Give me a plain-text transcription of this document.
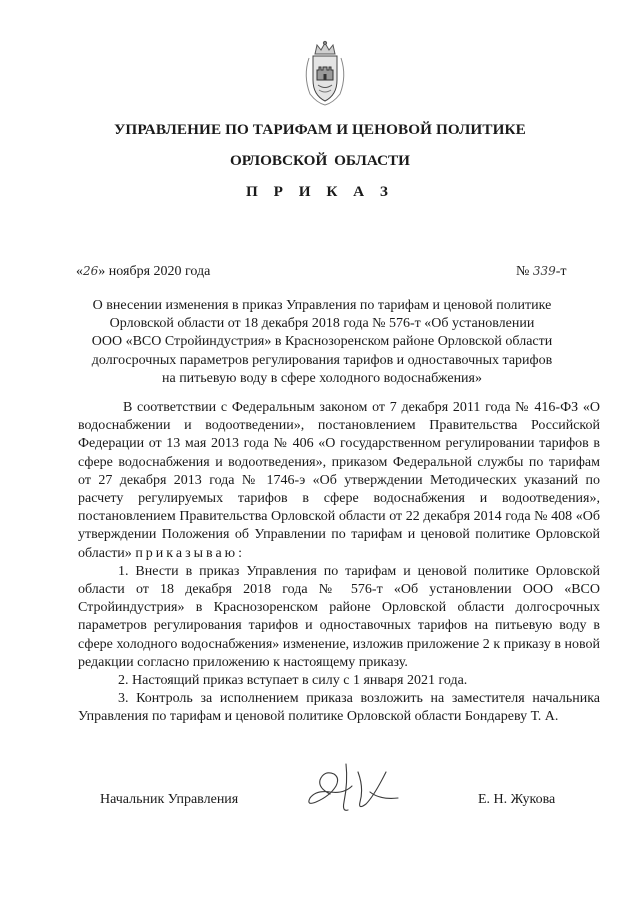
УПРАВЛЕНИЕ ПО ТАРИФАМ И ЦЕНОВОЙ ПОЛИТИКЕ
ОРЛОВСКОЙ ОБЛАСТИ
П Р И К А З
«26» ноября 2020 года	№ 339-т
О внесении изменения в приказ Управления по тарифам и ценовой политике
Орловской области от 18 декабря 2018 года № 576-т «Об установлении
ООО «ВСО Стройиндустрия» в Краснозоренском районе Орловской области
долгосрочных параметров регулирования тарифов и одноставочных тарифов
на питьевую воду в сфере холодного водоснабжения»

В соответствии с Федеральным законом от 7 декабря 2011 года № 416-ФЗ «О водоснабжении и водоотведении», постановлением Правительства Российской Федерации от 13 мая 2013 года № 406 «О государственном регулировании тарифов в сфере водоснабжения и водоотведения», приказом Федеральной службы по тарифам от 27 декабря 2013 года № 1746-э «Об утверждении Методических указаний по расчету регулируемых тарифов в сфере водоснабжения и водоотведения», постановлением Правительства Орловской области от 22 декабря 2014 года № 408 «Об утверждении Положения об Управлении по тарифам и ценовой политике Орловской области» приказываю:

1. Внести в приказ Управления по тарифам и ценовой политике Орловской области от 18 декабря 2018 года № 576-т «Об установлении ООО «ВСО Стройиндустрия» в Краснозоренском районе Орловской области долгосрочных параметров регулирования тарифов и одноставочных тарифов на питьевую воду в сфере холодного водоснабжения» изменение, изложив приложение 2 к приказу в новой редакции согласно приложению к настоящему приказу.

2. Настоящий приказ вступает в силу с 1 января 2021 года.

3. Контроль за исполнением приказа возложить на заместителя начальника Управления по тарифам и ценовой политике Орловской области Бондареву Т. А.

Начальник Управления	Е. Н. Жукова
